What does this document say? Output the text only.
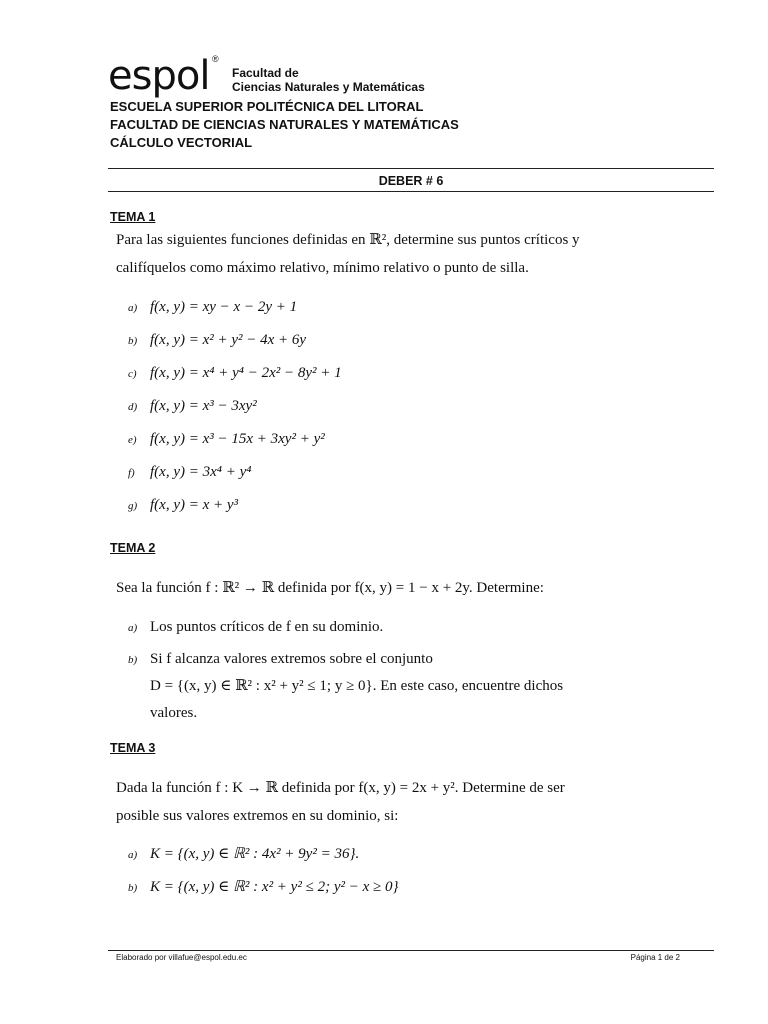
espol ®
Facultad de
Ciencias Naturales y Matemáticas
ESCUELA SUPERIOR POLITÉCNICA DEL LITORAL
FACULTAD DE CIENCIAS NATURALES Y MATEMÁTICAS
CÁLCULO VECTORIAL
DEBER # 6
TEMA 1
Para las siguientes funciones definidas en ℝ², determine sus puntos críticos y
califíquelos como máximo relativo, mínimo relativo o punto de silla.
a) f(x, y) = xy − x − 2y + 1
b) f(x, y) = x² + y² − 4x + 6y
c) f(x, y) = x⁴ + y⁴ − 2x² − 8y² + 1
d) f(x, y) = x³ − 3xy²
e) f(x, y) = x³ − 15x + 3xy² + y²
f) f(x, y) = 3x⁴ + y⁴
g) f(x, y) = x + y³
TEMA 2
Sea la función f : ℝ² → ℝ definida por f(x, y) = 1 − x + 2y. Determine:
a) Los puntos críticos de f en su dominio.
b) Si f alcanza valores extremos sobre el conjunto
D = {(x, y) ∈ ℝ² : x² + y² ≤ 1; y ≥ 0}. En este caso, encuentre dichos
valores.
TEMA 3
Dada la función f : K → ℝ definida por f(x, y) = 2x + y². Determine de ser
posible sus valores extremos en su dominio, si:
a) K = {(x, y) ∈ ℝ² : 4x² + 9y² = 36}.
b) K = {(x, y) ∈ ℝ² : x² + y² ≤ 2; y² − x ≥ 0}
Elaborado por villafue@espol.edu.ec	Página 1 de 2
